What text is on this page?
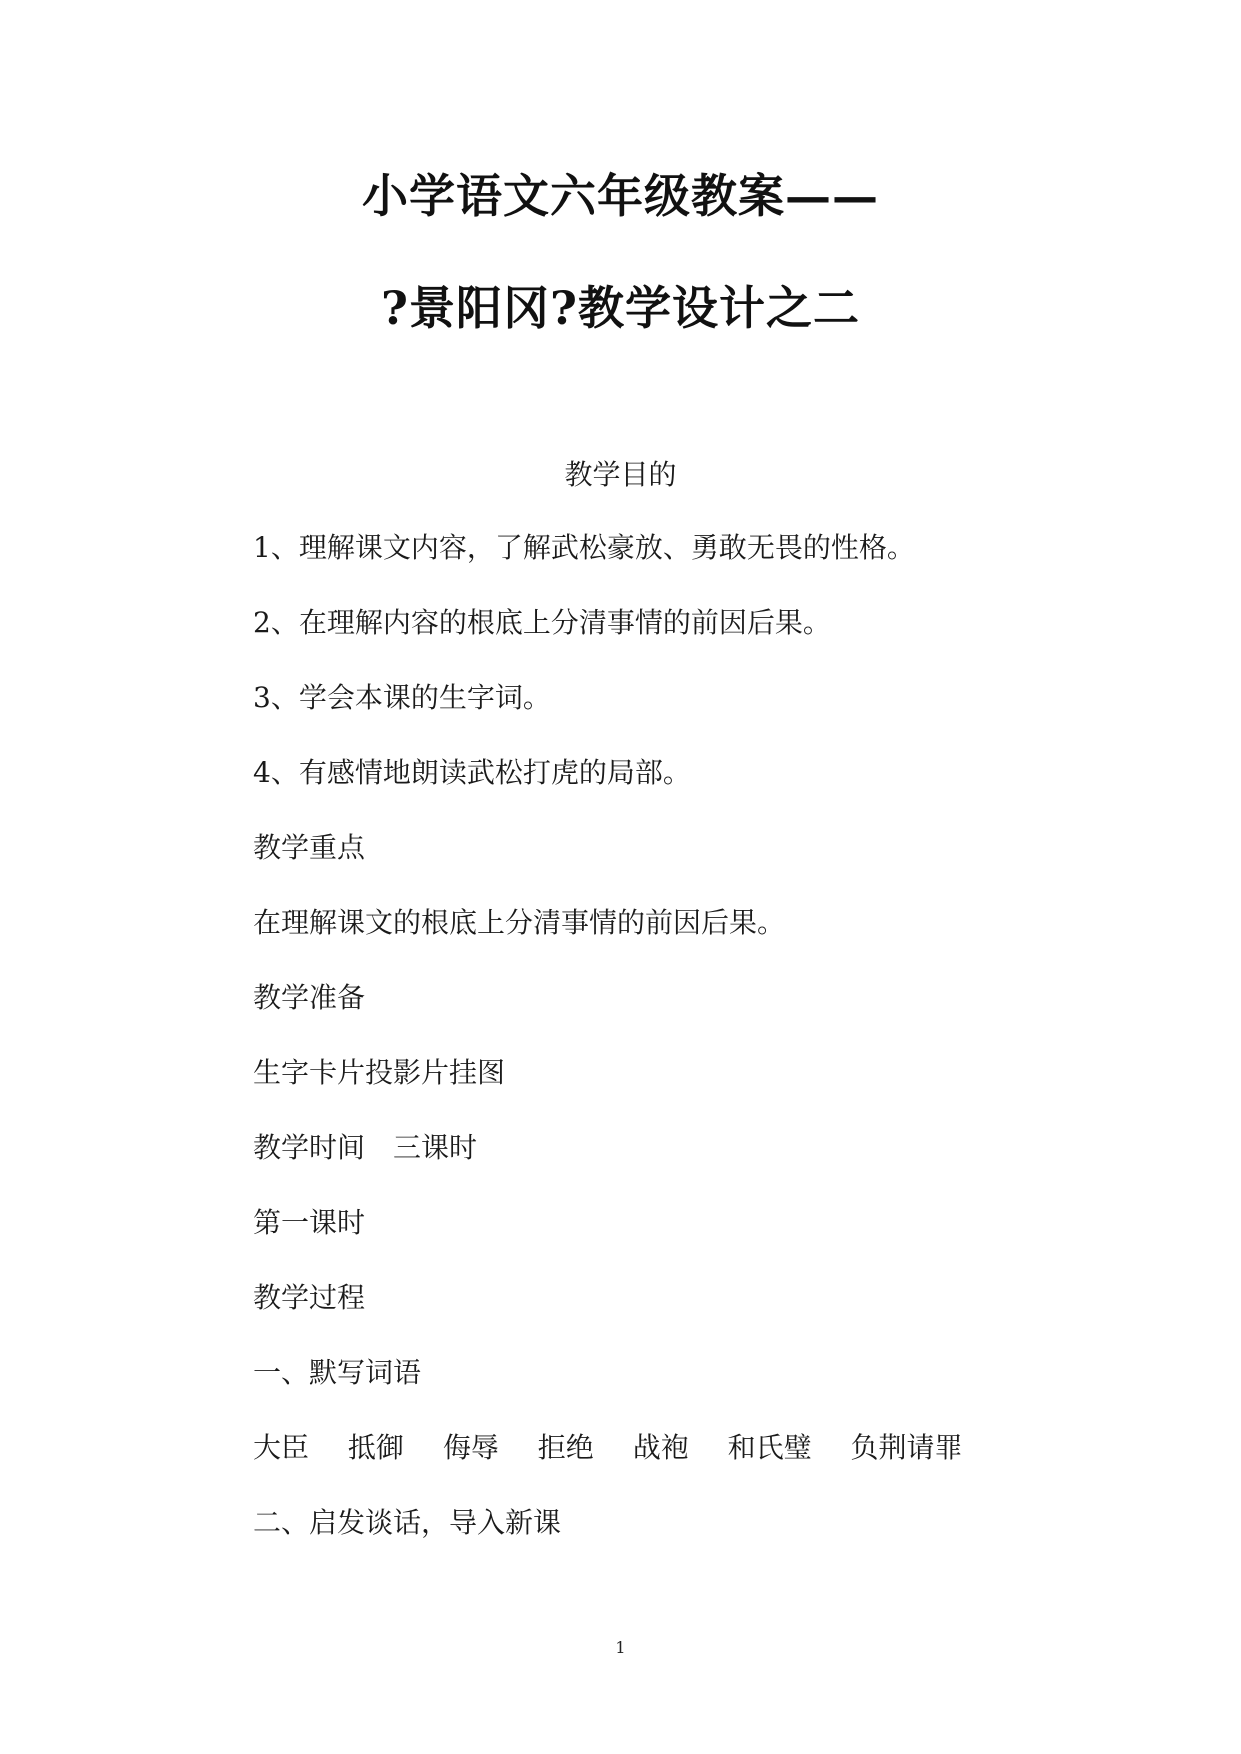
小学语文六年级教案——
?景阳冈?教学设计之二
教学目的
1、理解课文内容，了解武松豪放、勇敢无畏的性格。
2、在理解内容的根底上分清事情的前因后果。
3、学会本课的生字词。
4、有感情地朗读武松打虎的局部。
教学重点
在理解课文的根底上分清事情的前因后果。
教学准备
生字卡片投影片挂图
教学时间　三课时
第一课时
教学过程
一、默写词语
大臣 抵御 侮辱 拒绝 战袍 和氏璧 负荆请罪
二、启发谈话，导入新课
1
